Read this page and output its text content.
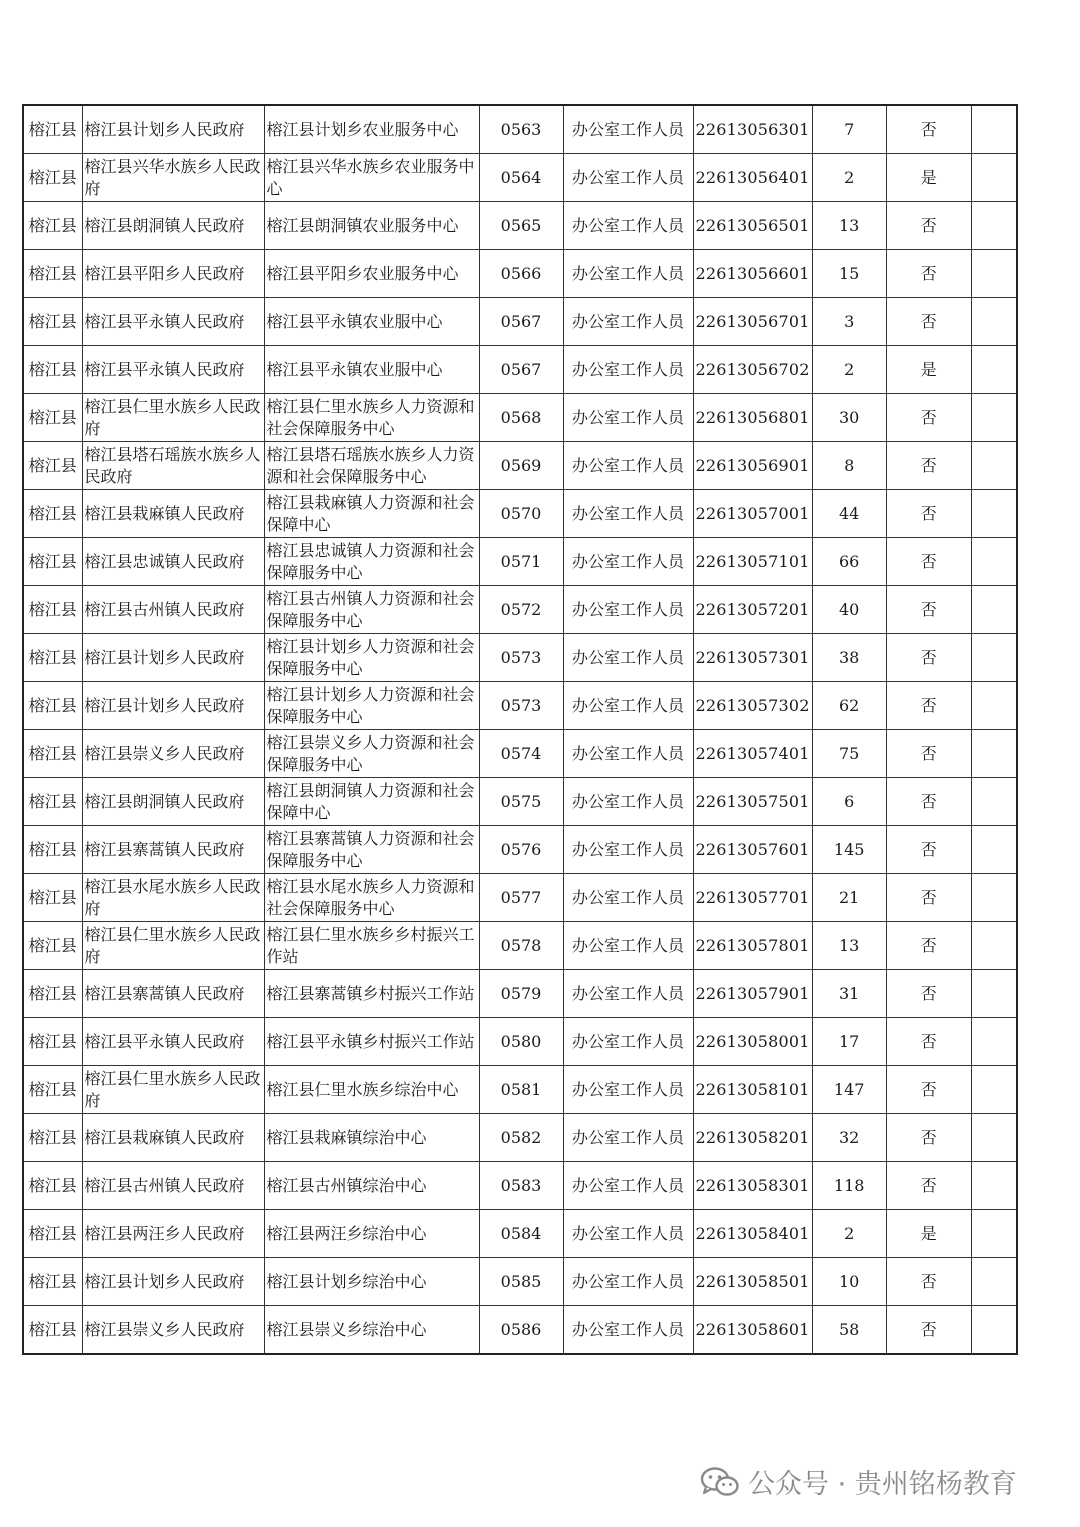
榕江县	榕江县计划乡人民政府	榕江县计划乡农业服务中心	0563	办公室工作人员	22613056301	7	否	
榕江县	榕江县兴华水族乡人民政府	榕江县兴华水族乡农业服务中心	0564	办公室工作人员	22613056401	2	是	
榕江县	榕江县朗洞镇人民政府	榕江县朗洞镇农业服务中心	0565	办公室工作人员	22613056501	13	否	
榕江县	榕江县平阳乡人民政府	榕江县平阳乡农业服务中心	0566	办公室工作人员	22613056601	15	否	
榕江县	榕江县平永镇人民政府	榕江县平永镇农业服中心	0567	办公室工作人员	22613056701	3	否	
榕江县	榕江县平永镇人民政府	榕江县平永镇农业服中心	0567	办公室工作人员	22613056702	2	是	
榕江县	榕江县仁里水族乡人民政府	榕江县仁里水族乡人力资源和社会保障服务中心	0568	办公室工作人员	22613056801	30	否	
榕江县	榕江县塔石瑶族水族乡人民政府	榕江县塔石瑶族水族乡人力资源和社会保障服务中心	0569	办公室工作人员	22613056901	8	否	
榕江县	榕江县栽麻镇人民政府	榕江县栽麻镇人力资源和社会保障中心	0570	办公室工作人员	22613057001	44	否	
榕江县	榕江县忠诚镇人民政府	榕江县忠诚镇人力资源和社会保障服务中心	0571	办公室工作人员	22613057101	66	否	
榕江县	榕江县古州镇人民政府	榕江县古州镇人力资源和社会保障服务中心	0572	办公室工作人员	22613057201	40	否	
榕江县	榕江县计划乡人民政府	榕江县计划乡人力资源和社会保障服务中心	0573	办公室工作人员	22613057301	38	否	
榕江县	榕江县计划乡人民政府	榕江县计划乡人力资源和社会保障服务中心	0573	办公室工作人员	22613057302	62	否	
榕江县	榕江县崇义乡人民政府	榕江县崇义乡人力资源和社会保障服务中心	0574	办公室工作人员	22613057401	75	否	
榕江县	榕江县朗洞镇人民政府	榕江县朗洞镇人力资源和社会保障中心	0575	办公室工作人员	22613057501	6	否	
榕江县	榕江县寨蒿镇人民政府	榕江县寨蒿镇人力资源和社会保障服务中心	0576	办公室工作人员	22613057601	145	否	
榕江县	榕江县水尾水族乡人民政府	榕江县水尾水族乡人力资源和社会保障服务中心	0577	办公室工作人员	22613057701	21	否	
榕江县	榕江县仁里水族乡人民政府	榕江县仁里水族乡乡村振兴工作站	0578	办公室工作人员	22613057801	13	否	
榕江县	榕江县寨蒿镇人民政府	榕江县寨蒿镇乡村振兴工作站	0579	办公室工作人员	22613057901	31	否	
榕江县	榕江县平永镇人民政府	榕江县平永镇乡村振兴工作站	0580	办公室工作人员	22613058001	17	否	
榕江县	榕江县仁里水族乡人民政府	榕江县仁里水族乡综治中心	0581	办公室工作人员	22613058101	147	否	
榕江县	榕江县栽麻镇人民政府	榕江县栽麻镇综治中心	0582	办公室工作人员	22613058201	32	否	
榕江县	榕江县古州镇人民政府	榕江县古州镇综治中心	0583	办公室工作人员	22613058301	118	否	
榕江县	榕江县两汪乡人民政府	榕江县两汪乡综治中心	0584	办公室工作人员	22613058401	2	是	
榕江县	榕江县计划乡人民政府	榕江县计划乡综治中心	0585	办公室工作人员	22613058501	10	否	
榕江县	榕江县崇义乡人民政府	榕江县崇义乡综治中心	0586	办公室工作人员	22613058601	58	否	
公众号 · 贵州铭杨教育
